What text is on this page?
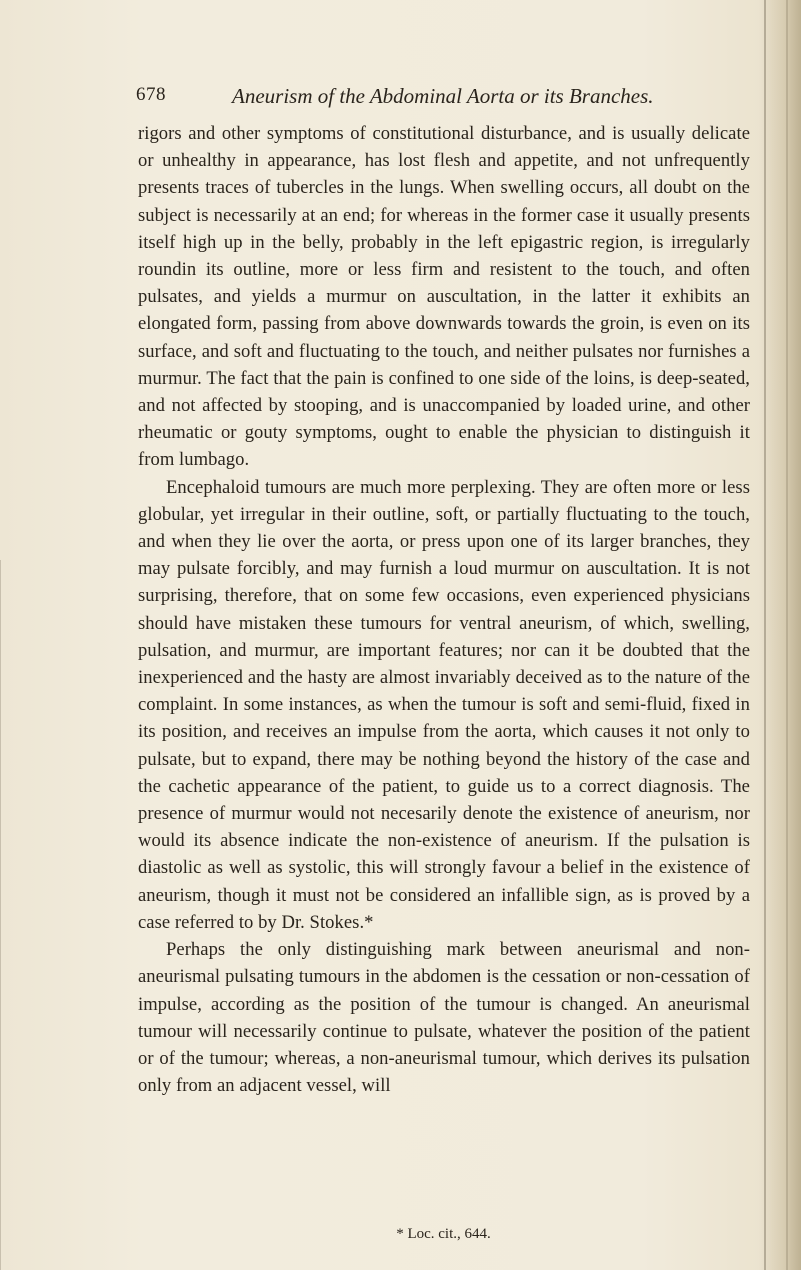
678	Aneurism of the Abdominal Aorta or its Branches.

rigors and other symptoms of constitutional disturbance, and is usually delicate or unhealthy in appearance, has lost flesh and appetite, and not unfrequently presents traces of tubercles in the lungs. When swelling occurs, all doubt on the subject is necessarily at an end; for whereas in the former case it usually presents itself high up in the belly, probably in the left epigastric region, is irregularly roundin its outline, more or less firm and resistent to the touch, and often pulsates, and yields a murmur on auscultation, in the latter it exhibits an elongated form, passing from above downwards towards the groin, is even on its surface, and soft and fluctuating to the touch, and neither pulsates nor furnishes a murmur. The fact that the pain is confined to one side of the loins, is deep-seated, and not affected by stooping, and is unaccompanied by loaded urine, and other rheumatic or gouty symptoms, ought to enable the physician to distinguish it from lumbago.

Encephaloid tumours are much more perplexing. They are often more or less globular, yet irregular in their outline, soft, or partially fluctuating to the touch, and when they lie over the aorta, or press upon one of its larger branches, they may pulsate forcibly, and may furnish a loud murmur on auscultation. It is not surprising, therefore, that on some few occasions, even experienced physicians should have mistaken these tumours for ventral aneurism, of which, swelling, pulsation, and murmur, are important features; nor can it be doubted that the inexperienced and the hasty are almost invariably deceived as to the nature of the complaint. In some instances, as when the tumour is soft and semi-fluid, fixed in its position, and receives an impulse from the aorta, which causes it not only to pulsate, but to expand, there may be nothing beyond the history of the case and the cachetic appearance of the patient, to guide us to a correct diagnosis. The presence of murmur would not necesarily denote the existence of aneurism, nor would its absence indicate the non-existence of aneurism. If the pulsation is diastolic as well as systolic, this will strongly favour a belief in the existence of aneurism, though it must not be considered an infallible sign, as is proved by a case referred to by Dr. Stokes.*

Perhaps the only distinguishing mark between aneurismal and non-aneurismal pulsating tumours in the abdomen is the cessation or non-cessation of impulse, according as the position of the tumour is changed. An aneurismal tumour will necessarily continue to pulsate, whatever the position of the patient or of the tumour; whereas, a non-aneurismal tumour, which derives its pulsation only from an adjacent vessel, will

* Loc. cit., 644.
